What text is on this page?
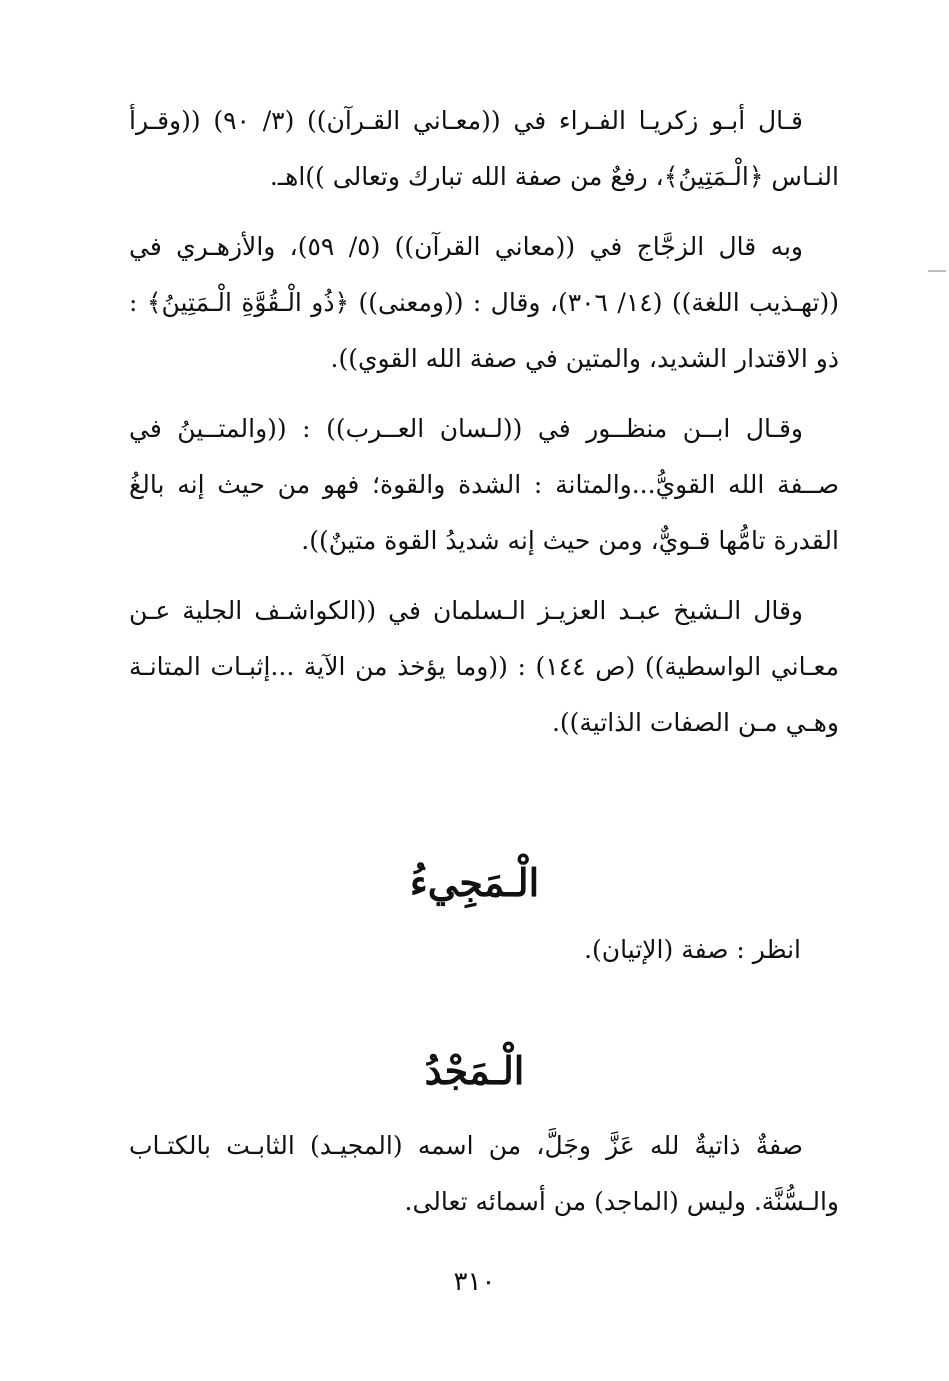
قـال أبـو زكريـا الفـراء في ((معـاني القـرآن)) (٣/ ٩٠) ((وقـرأ النـاس ﴿الْـمَتِينُ﴾، رفعٌ من صفة الله تبارك وتعالى ))اهـ.

وبه قال الزجَّاج في ((معاني القرآن)) (٥/ ٥٩)، والأزهـري في ((تهـذيب اللغة)) (١٤/ ٣٠٦)، وقال : ((ومعنى)) ﴿ذُو الْـقُوَّةِ الْـمَتِينُ﴾ : ذو الاقتدار الشديد، والمتين في صفة الله القوي)).

وقـال ابــن منظــور في ((لـسان العــرب)) : ((والمتــينُ في صــفة الله القويُّ...والمتانة : الشدة والقوة؛ فهو من حيث إنه بالغُ القدرة تامُّها قـويٌّ، ومن حيث إنه شديدُ القوة متينٌ)).

وقال الـشيخ عبـد العزيـز الـسلمان في ((الكواشـف الجلية عـن معـاني الواسطية)) (ص ١٤٤) : ((وما يؤخذ من الآية ...إثبـات المتانـة وهـي مـن الصفات الذاتية)).

الْـمَجِيءُ
انظر : صفة (الإتيان).
الْـمَجْدُ

صفةٌ ذاتيةٌ لله عَزَّ وجَلَّ، من اسمه (المجيـد) الثابـت بالكتـاب والـسُّنَّة. وليس (الماجد) من أسمائه تعالى.

٣١٠
